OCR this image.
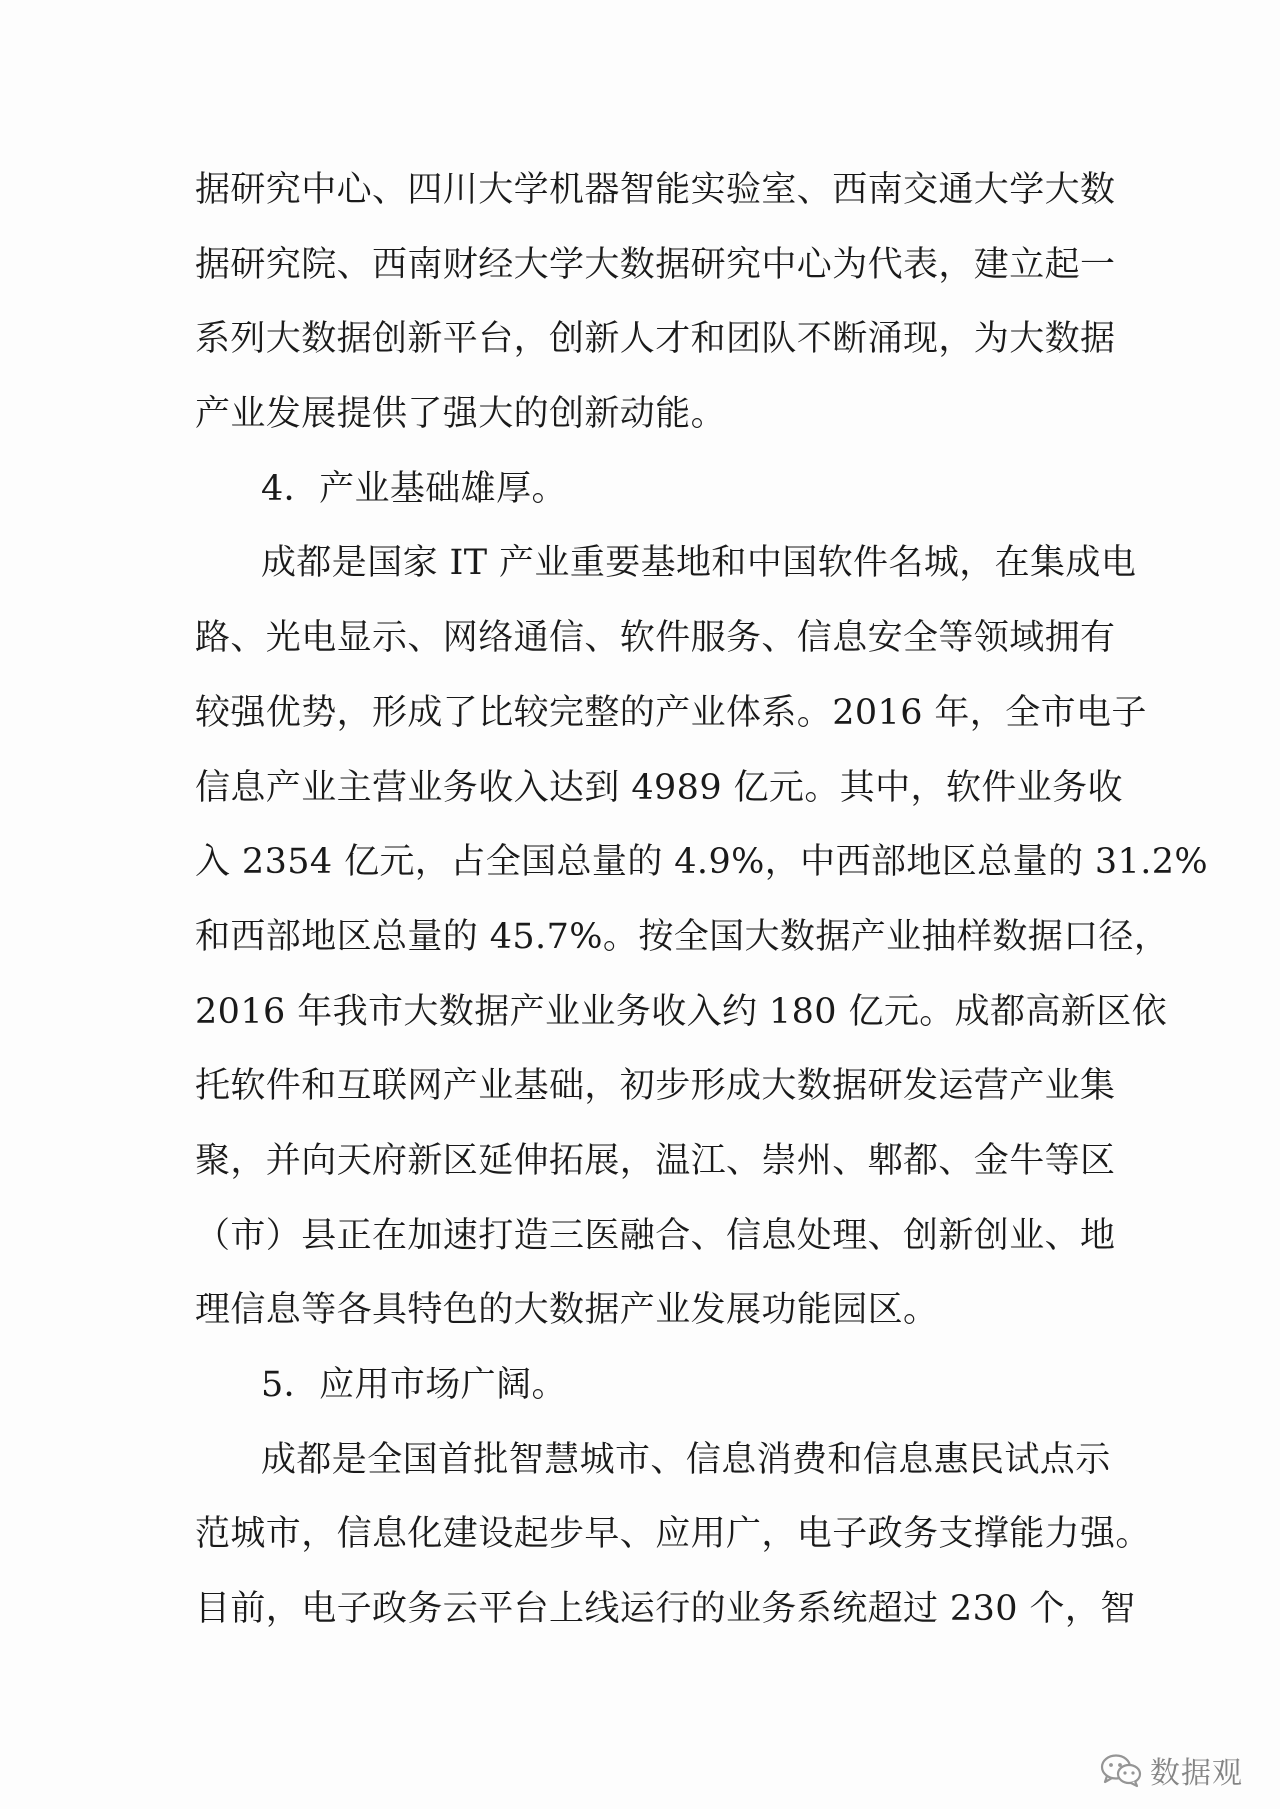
据研究中心、四川大学机器智能实验室、西南交通大学大数
据研究院、西南财经大学大数据研究中心为代表，建立起一
系列大数据创新平台，创新人才和团队不断涌现，为大数据
产业发展提供了强大的创新动能。
4．产业基础雄厚。
成都是国家 IT 产业重要基地和中国软件名城，在集成电
路、光电显示、网络通信、软件服务、信息安全等领域拥有
较强优势，形成了比较完整的产业体系。2016 年，全市电子
信息产业主营业务收入达到 4989 亿元。其中，软件业务收
入 2354 亿元，占全国总量的 4.9%，中西部地区总量的 31.2%
和西部地区总量的 45.7%。按全国大数据产业抽样数据口径，
2016 年我市大数据产业业务收入约 180 亿元。成都高新区依
托软件和互联网产业基础，初步形成大数据研发运营产业集
聚，并向天府新区延伸拓展，温江、崇州、郫都、金牛等区
（市）县正在加速打造三医融合、信息处理、创新创业、地
理信息等各具特色的大数据产业发展功能园区。
5．应用市场广阔。
成都是全国首批智慧城市、信息消费和信息惠民试点示
范城市，信息化建设起步早、应用广，电子政务支撑能力强。
目前，电子政务云平台上线运行的业务系统超过 230 个，智
数据观
